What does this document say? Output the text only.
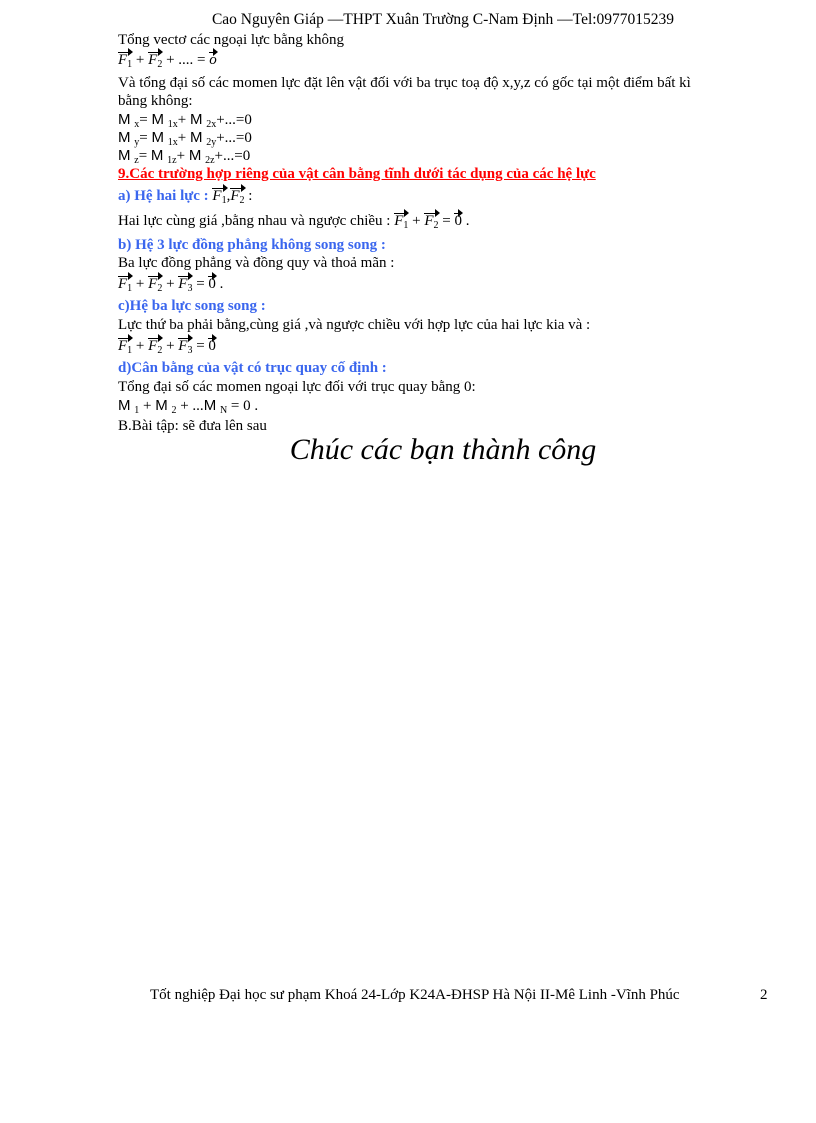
Cao Nguyên Giáp —THPT Xuân Trường C-Nam Định —Tel:0977015239
Tổng vectơ các ngoại lực bằng không
$F_1 + F_2$ + .... = o
Và tổng đại số các momen lực đặt lên vật đối với ba trục toạ độ x,y,z có gốc tại một điểm bất kì
bằng không:
M $_x$= M $_{1x}$+ M $_{2x}$+...=0
M $_y$= M $_{1x}$+ M $_{2y}$+...=0
M $_z$= M $_{1z}$+ M $_{2z}$+...=0
9.Các trường hợp riêng của vật cân bằng tĩnh dưới tác dụng của các hệ lực
a) Hệ hai lực : $F_1,F_2$ :
Hai lực cùng giá ,bằng nhau và ngược chiều : $F_1 + F_2 = 0$ .
b) Hệ 3 lực đồng phẳng không song song :
Ba lực đồng phẳng và đồng quy và thoả mãn :
$F_1 + F_2 + F_3 = 0$ .
c)Hệ ba lực song song :
Lực thứ ba phải bằng,cùng giá ,và ngược chiều với hợp lực của hai lực kia và :
$F_1 + F_2 + F_3 = 0$
d)Cân bằng của vật có trục quay cố định :
Tổng đại số các momen ngoại lực đối với trục quay bằng 0:
M $_1$ + M $_2$ + ...M $_N$ = 0 .
B.Bài tập: sẽ đưa lên sau
Chúc các bạn thành công
Tốt nghiệp Đại học sư phạm Khoá 24-Lớp K24A-ĐHSP Hà Nội II-Mê Linh -Vĩnh Phúc	2
